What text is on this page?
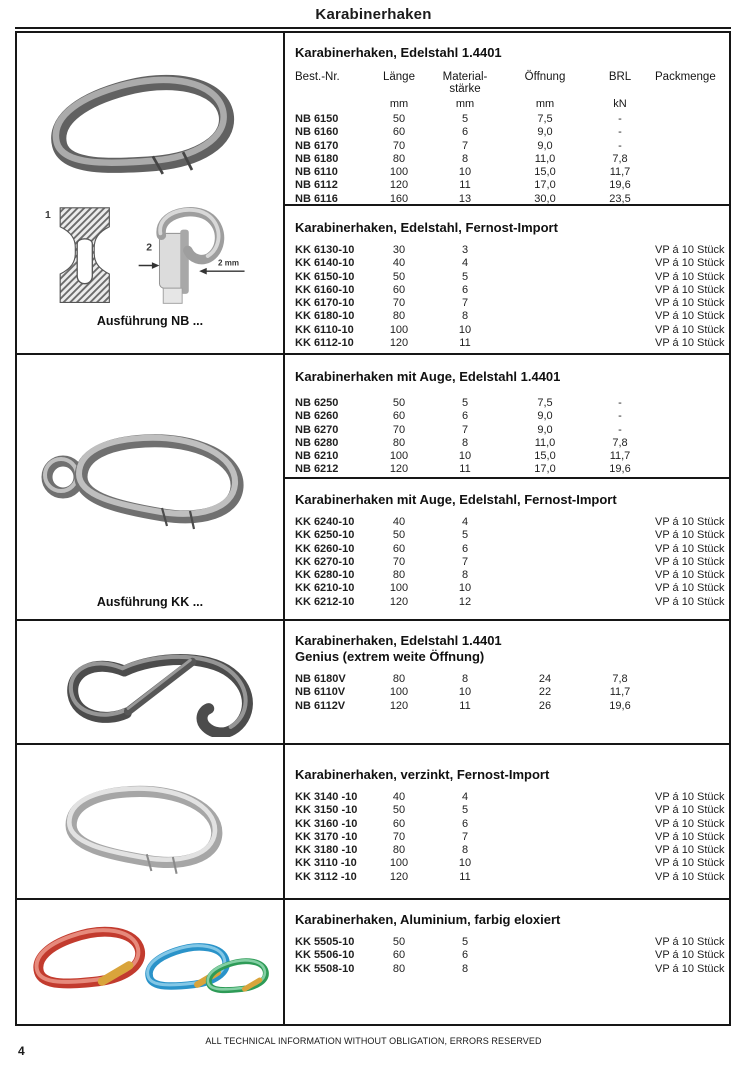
Karabinerhaken
1
2
2 mm
Ausführung NB ...
Karabinerhaken, Edelstahl 1.4401
Best.-Nr.	Länge	Material-
stärke
Öffnung	BRL	Packmenge
mm	mm	mm	kN
NB 6150	50	5	7,5	-
NB 6160	60	6	9,0	-
NB 6170	70	7	9,0	-
NB 6180	80	8	11,0	7,8
NB 6110	100	10	15,0	11,7
NB 6112	120	11	17,0	19,6
NB 6116	160	13	30,0	23,5
Karabinerhaken, Edelstahl, Fernost-Import
KK 6130-10	30	3	VP á 10 Stück
KK 6140-10	40	4	VP á 10 Stück
KK 6150-10	50	5	VP á 10 Stück
KK 6160-10	60	6	VP á 10 Stück
KK 6170-10	70	7	VP á 10 Stück
KK 6180-10	80	8	VP á 10 Stück
KK 6110-10	100	10	VP á 10 Stück
KK 6112-10	120	11	VP á 10 Stück
Ausführung KK ...
Karabinerhaken mit Auge, Edelstahl 1.4401
NB 6250	50	5	7,5	-
NB 6260	60	6	9,0	-
NB 6270	70	7	9,0	-
NB 6280	80	8	11,0	7,8
NB 6210	100	10	15,0	11,7
NB 6212	120	11	17,0	19,6
Karabinerhaken mit Auge, Edelstahl, Fernost-Import
KK 6240-10	40	4	VP á 10 Stück
KK 6250-10	50	5	VP á 10 Stück
KK 6260-10	60	6	VP á 10 Stück
KK 6270-10	70	7	VP á 10 Stück
KK 6280-10	80	8	VP á 10 Stück
KK 6210-10	100	10	VP á 10 Stück
KK 6212-10	120	12	VP á 10 Stück
Karabinerhaken, Edelstahl 1.4401
Genius (extrem weite Öffnung)
NB 6180V	80	8	24	7,8
NB 6110V	100	10	22	11,7
NB 6112V	120	11	26	19,6
Karabinerhaken, verzinkt, Fernost-Import
KK 3140 -10	40	4	VP á 10 Stück
KK 3150 -10	50	5	VP á 10 Stück
KK 3160 -10	60	6	VP á 10 Stück
KK 3170 -10	70	7	VP á 10 Stück
KK 3180 -10	80	8	VP á 10 Stück
KK 3110 -10	100	10	VP á 10 Stück
KK 3112 -10	120	11	VP á 10 Stück
Karabinerhaken, Aluminium, farbig eloxiert
KK 5505-10	50	5	VP á 10 Stück
KK 5506-10	60	6	VP á 10 Stück
KK 5508-10	80	8	VP á 10 Stück
ALL TECHNICAL INFORMATION WITHOUT OBLIGATION, ERRORS RESERVED
4
